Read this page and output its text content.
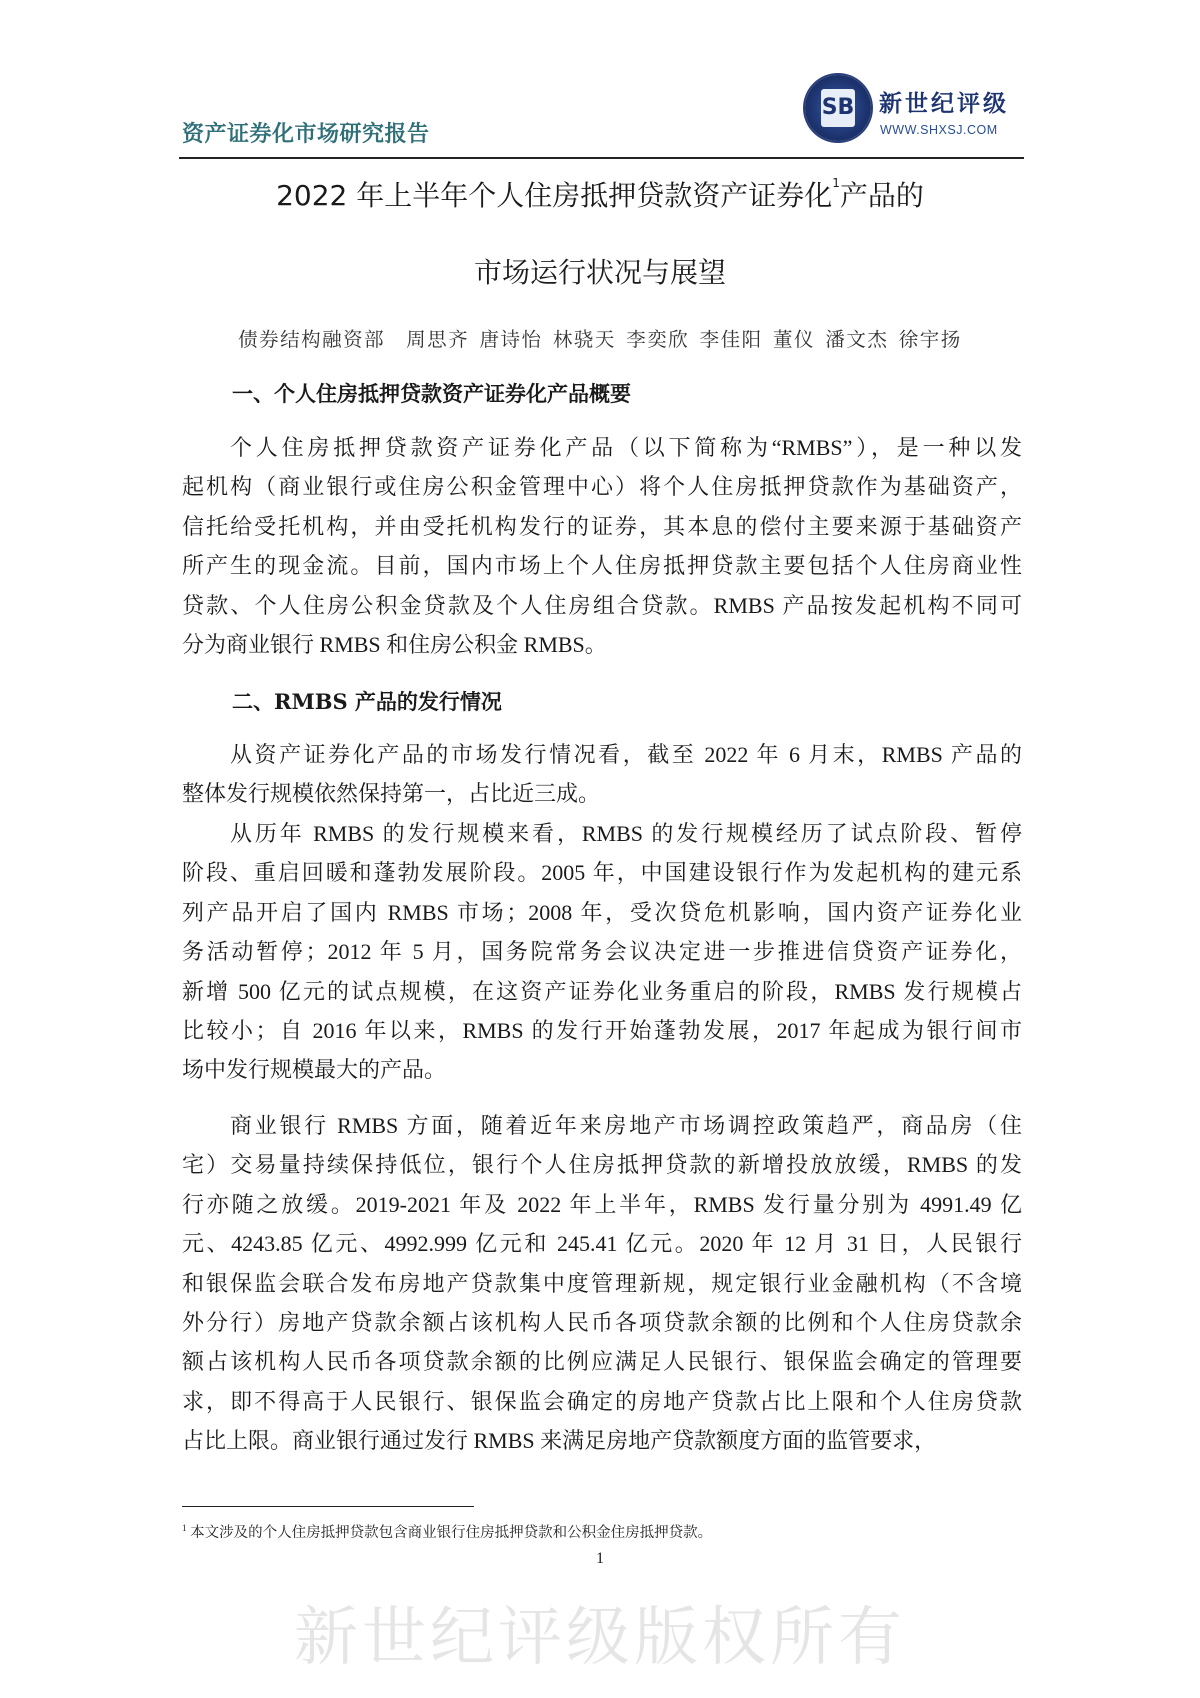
资产证券化市场研究报告
SB 新世纪评级
WWW.SHXSJ.COM
2022 年上半年个人住房抵押贷款资产证券化$^1$产品的
市场运行状况与展望
债券结构融资部　周思齐 唐诗怡 林骁天 李奕欣 李佳阳 董仪 潘文杰 徐宇扬
一、个人住房抵押贷款资产证券化产品概要
个人住房抵押贷款资产证券化产品（以下简称为“RMBS”），是一种以发
起机构（商业银行或住房公积金管理中心）将个人住房抵押贷款作为基础资产，
信托给受托机构，并由受托机构发行的证券，其本息的偿付主要来源于基础资产
所产生的现金流。目前，国内市场上个人住房抵押贷款主要包括个人住房商业性
贷款、个人住房公积金贷款及个人住房组合贷款。RMBS 产品按发起机构不同可
分为商业银行 RMBS 和住房公积金 RMBS。
二、RMBS 产品的发行情况
从资产证券化产品的市场发行情况看，截至 2022 年 6 月末，RMBS 产品的
整体发行规模依然保持第一，占比近三成。
从历年 RMBS 的发行规模来看，RMBS 的发行规模经历了试点阶段、暂停
阶段、重启回暖和蓬勃发展阶段。2005 年，中国建设银行作为发起机构的建元系
列产品开启了国内 RMBS 市场；2008 年，受次贷危机影响，国内资产证券化业
务活动暂停；2012 年 5 月，国务院常务会议决定进一步推进信贷资产证券化，
新增 500 亿元的试点规模，在这资产证券化业务重启的阶段，RMBS 发行规模占
比较小；自 2016 年以来，RMBS 的发行开始蓬勃发展，2017 年起成为银行间市
场中发行规模最大的产品。
商业银行 RMBS 方面，随着近年来房地产市场调控政策趋严，商品房（住
宅）交易量持续保持低位，银行个人住房抵押贷款的新增投放放缓，RMBS 的发
行亦随之放缓。2019-2021 年及 2022 年上半年，RMBS 发行量分别为 4991.49 亿
元、4243.85 亿元、4992.999 亿元和 245.41 亿元。2020 年 12 月 31 日，人民银行
和银保监会联合发布房地产贷款集中度管理新规，规定银行业金融机构（不含境
外分行）房地产贷款余额占该机构人民币各项贷款余额的比例和个人住房贷款余
额占该机构人民币各项贷款余额的比例应满足人民银行、银保监会确定的管理要
求，即不得高于人民银行、银保监会确定的房地产贷款占比上限和个人住房贷款
占比上限。商业银行通过发行 RMBS 来满足房地产贷款额度方面的监管要求，
$^1$ 本文涉及的个人住房抵押贷款包含商业银行住房抵押贷款和公积金住房抵押贷款。
1
新世纪评级版权所有
